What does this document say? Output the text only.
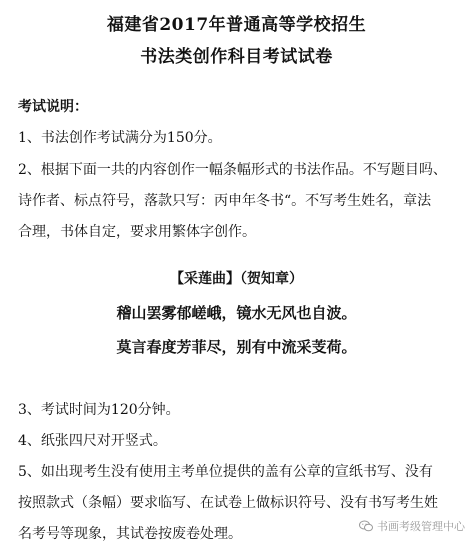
福建省2017年普通高等学校招生
书法类创作科目考试试卷
考试说明：
1、书法创作考试满分为150分。
2、根据下面一共的内容创作一幅条幅形式的书法作品。不写题目吗、
诗作者、标点符号，落款只写：丙申年冬书“。不写考生姓名，章法
合理，书体自定，要求用繁体字创作。
【采莲曲】（贺知章）
稽山罢雾郁嵯峨，镜水无风也自波。
莫言春度芳菲尽，别有中流采芰荷。
3、考试时间为120分钟。
4、纸张四尺对开竖式。
5、如出现考生没有使用主考单位提供的盖有公章的宣纸书写、没有
按照款式（条幅）要求临写、在试卷上做标识符号、没有书写考生姓
名考号等现象，其试卷按废卷处理。	书画考级管理中心
